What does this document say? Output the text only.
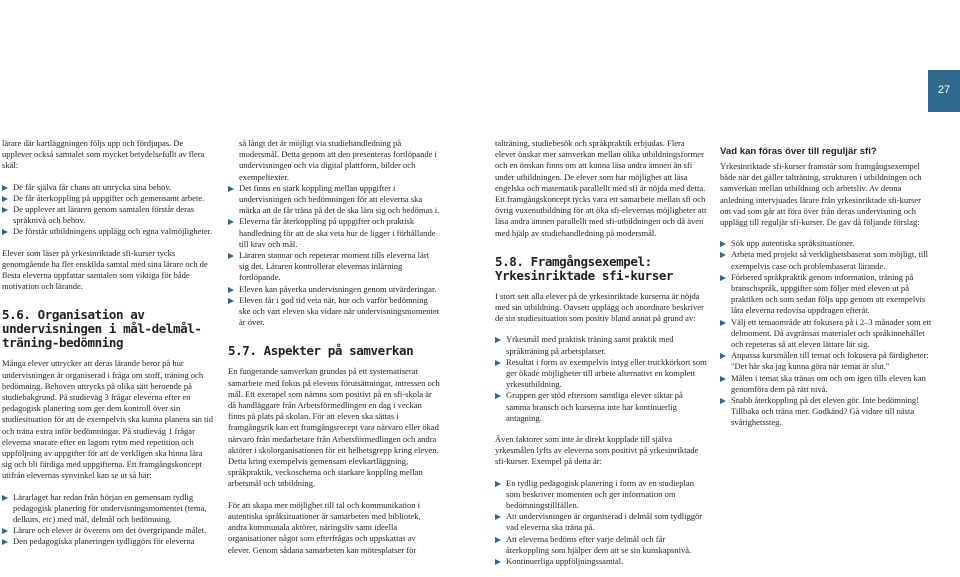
27

lärare där kartläggningen följs upp och fördjupas. De upplever också samtalet som mycket betydelsefullt av flera skäl:

De får själva får chans att uttrycka sina behov.
De får återkoppling på uppgifter och gemensamt arbete.
De upplever att läraren genom samtalen förstår deras språknivå och behov.
De förstår utbildningens upplägg och egna valmöjligheter.

Elever som läser på yrkesinriktade sfi-kurser tycks genomgående ha fler enskilda samtal med sina lärare och de flesta eleverna uppfattar samtalen som viktiga för både motivation och lärande.

5.6. Organisation av undervisningen i mål-delmål-träning-bedömning

Många elever uttrycker att deras lärande beror på hur undervisningen är organiserad i fråga om stoff, träning och bedömning. Behoven uttrycks på olika sätt beroende på studiebakgrund. På studieväg 3 frågar eleverna efter en pedagogisk planering som ger dem kontroll över sin studiesituation för att de exempelvis ska kunna planera sin tid och träna extra inför bedömningar. På studieväg 1 frågar eleverna snarare efter en lagom rytm med repetition och uppföljning av uppgifter för att de verkligen ska hinna lära sig och bli färdiga med uppgifterna. Ett framgångskoncept utifrån elevernas synvinkel kan se ut så här:

Lärarlaget har redan från början en gemensam tydlig pedagogisk planering för undervisningsmomentet (tema, delkurs, etc) med mål, delmål och bedömning.
Lärare och elever är överens om det övergripande målet.
Den pedagogiska planeringen tydliggörs för eleverna
så långt det är möjligt via studiehandledning på modersmål. Detta genom att den presenteras fortlöpande i undervisningen och via digital plattform, bilder och exempeltexter.
Det finns en stark koppling mellan uppgifter i undervisningen och bedömningen för att eleverna ska märka att de får träna på det de ska lära sig och bedömas i.
Eleverna får återkoppling på uppgifter och praktisk handledning för att de ska veta hur de ligger i förhållande till krav och mål.
Läraren stannar och repeterar moment tills eleverna lärt sig det. Läraren kontrollerar elevernas inlärning fortlöpande.
Eleven kan påverka undervisningen genom utvärderingar.
Eleven får i god tid veta när, hur och varför bedömning ske och vart eleven ska vidare när undervisningsmomentet är över.
5.7. Aspekter på samverkan

En fungerande samverkan grundas på ett systematiserat samarbete med fokus på elevens förutsättningar, intressen och mål. Ett exempel som nämns som positivt på en sfi-skola är då handläggare från Arbetsförmedlingen en dag i veckan finns på plats på skolan. För att eleven ska sättas i framgångsrik kan ett framgångsrecept vara närvaro eller ökad närvaro från medarbetare från Arbetsförmedlingen och andra aktörer i skolorganisationen för ett helhetsgrepp kring eleven. Detta kring exempelvis gemensam elevkartläggning, språkpraktik, veckoschema och starkare koppling mellan arbetsmål och utbildning.

För att skapa mer möjlighet till tal och kommunikation i autentiska språksituationer är samarbeten med bibliotek, andra kommunala aktörer, näringsliv samt ideella organisationer något som efterfrågas och uppskattas av elever. Genom sådana samarbeten kan mötesplatser för

talträning, studiebesök och språkpraktik erbjudas. Flera elever önskar mer samverkan mellan olika utbildningsformer och en önskan finns om att kunna läsa andra ämnen än sfi under utbildningen. De elever som har möjlighet att läsa engelska och matematik parallellt med sfi är nöjda med detta. Ett framgångskoncept tycks vara ett samarbete mellan sfi och övrig vuxenutbildning för att öka sfi-elevernas möjligheter att läsa andra ämnen parallellt med sfi-utbildningen och då även med hjälp av studiehandledning på modersmål.

5.8. Framgångsexempel: Yrkesinriktade sfi-kurser

I stort sett alla elever på de yrkesinriktade kurserna är nöjda med sin utbildning. Oavsett upplägg och anordnare beskriver de sin studiesituation som positiv bland annat på grund av:

Yrkesmål med praktisk träning samt praktik med språkträning på arbetsplatser.
Resultat i form av exempelvis intyg eller truckkörkort som ger ökade möjligheter till arbete alternativt en komplett yrkesutbildning.
Gruppen ger stöd eftersom samtliga elever siktar på samma bransch och kurserna inte har kontinuerlig antagning.

Även faktorer som inte är direkt kopplade till själva yrkesmålen lyfts av eleverna som positivt på yrkesinriktade sfi-kurser. Exempel på detta är:

En tydlig pedagogisk planering i form av en studieplan som beskriver momenten och ger information om bedömningstillfällen.
Att undervisningen är organiserad i delmål som tydliggör vad eleverna ska träna på.
Att eleverna bedöms efter varje delmål och får återkoppling som hjälper dem att se sin kunskapsnivå.
Kontinuerliga uppföljningssamtal.
Vad kan föras över till reguljär sfi?

Yrkesinriktade sfi-kurser framstår som framgångsexempel både när det gäller talträning, strukturen i utbildningen och samverkan mellan utbildning och arbetsliv. Av denna anledning intervjuades lärare från yrkesinriktade sfi-kurser om vad som går att föra över från deras undervisning och upplägg till reguljär sfi-kurser. De gav då följande förslag:

Sök upp autentiska språksituationer.
Arbeta med projekt så verklighetsbaserat som möjligt, till exempelvis case och problembaserat lärande.
Förbered språkpraktik genom information, träning på branschspråk, uppgifter som följer med eleven ut på praktiken och som sedan följs upp genom att exempelvis låta eleverna redovisa uppdragen efteråt.
Välj ett temaområde att fokusera på i 2–3 månader som ett delmoment. Då avgränsas materialet och språkinnehållet och repeteras så att eleven lättare lär sig.
Anpassa kursmålen till temat och fokusera på färdigheter: "Det här ska jag kunna göra när temat är slut."
Målen i temat ska tränas om och om igen tills eleven kan genomföra dem på rätt nivå.
Snabb återkoppling på det eleven gör. Inte bedömning! Tillbaka och träna mer. Godkänd? Gå vidare till nästa svårighetssteg.
